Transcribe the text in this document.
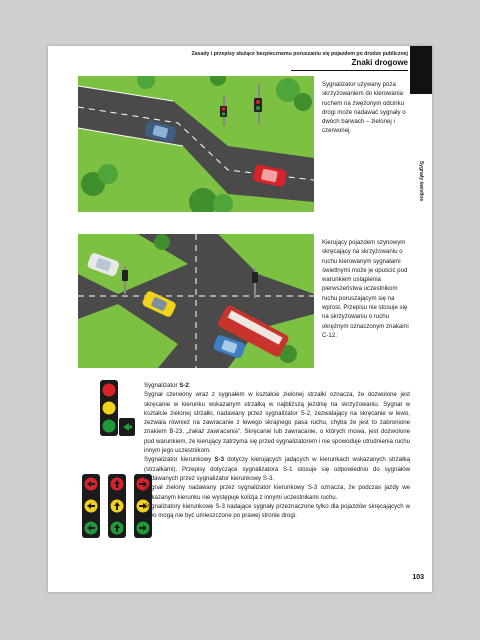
Sygnały świetlne
Zasady i przepisy służące bezpiecznemu poruszaniu się pojazdem po drodze publicznej
Znaki drogowe
Sygnalizator używany poza skrzyżowaniem do kierowania ruchem na zwężonym odcinku drogi może nadawać sygnały o dwóch barwach – zielonej i czerwonej.
Kierujący pojazdem szynowym skręcający na skrzyżowaniu o ruchu kierowanym sygnałami świetlnymi może je opuścić pod warunkiem ustąpienia pierwszeństwa uczestnikom ruchu poruszającym się na wprost. Przepisu nie stosuje się na skrzyżowaniu o ruchu okrężnym oznaczonym znakami C-12.

Sygnalizator S-2:

Sygnał czerwony wraz z sygnałem w kształcie zielonej strzałki oznacza, że dozwolone jest skręcanie w kierunku wskazanym strzałką w najbliższą jezdnię na skrzyżowaniu. Sygnał w kształcie zielonej strzałki, nadawany przez sygnalizator S-2, zezwalający na skręcanie w lewo, zezwala również na zawracanie z lewego skrajnego pasa ruchu, chyba że jest to zabronione znakiem B-23, „zakaz zawracania”. Skręcanie lub zawracanie, o których mowa, jest dozwolone pod warunkiem, że kierujący zatrzyma się przed sygnalizatorem i nie spowoduje utrudnienia ruchu innym jego uczestnikom.

Sygnalizator kierunkowy S-3 dotyczy kierujących jadących w kierunkach wskazanych strzałką (strzałkami). Przepisy dotyczące sygnalizatora S-1 stosuje się odpowiednio do sygnałów nadawanych przez sygnalizator kierunkowy S-3.

Sygnał zielony nadawany przez sygnalizator kierunkowy S-3 oznacza, że podczas jazdy we wskazanym kierunku nie występuje kolizja z innymi uczestnikami ruchu.

Sygnalizatory kierunkowe S-3 nadające sygnały przeznaczone tylko dla pojazdów skręcających w lewo mogą nie być umieszczone po prawej stronie drogi.

103
